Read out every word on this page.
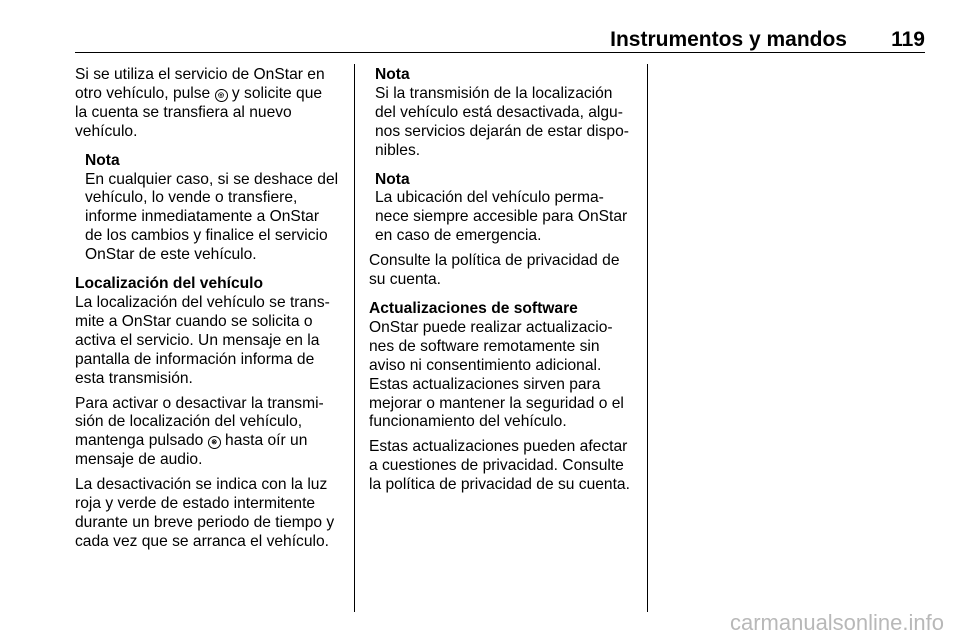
Instrumentos y mandos 119

Si se utiliza el servicio de OnStar en
otro vehículo, pulse ◎ y solicite que
la cuenta se transfiera al nuevo
vehículo.

Nota
En cualquier caso, si se deshace del
vehículo, lo vende o transfiere,
informe inmediatamente a OnStar
de los cambios y finalice el servicio
OnStar de este vehículo.

Localización del vehículo

La localización del vehículo se trans-
mite a OnStar cuando se solicita o
activa el servicio. Un mensaje en la
pantalla de información informa de
esta transmisión.

Para activar o desactivar la transmi-
sión de localización del vehículo,
mantenga pulsado ⊗ hasta oír un
mensaje de audio.

La desactivación se indica con la luz
roja y verde de estado intermitente
durante un breve periodo de tiempo y
cada vez que se arranca el vehículo.

Nota
Si la transmisión de la localización
del vehículo está desactivada, algu-
nos servicios dejarán de estar dispo-
nibles.
Nota
La ubicación del vehículo perma-
nece siempre accesible para OnStar
en caso de emergencia.

Consulte la política de privacidad de
su cuenta.

Actualizaciones de software

OnStar puede realizar actualizacio-
nes de software remotamente sin
aviso ni consentimiento adicional.
Estas actualizaciones sirven para
mejorar o mantener la seguridad o el
funcionamiento del vehículo.

Estas actualizaciones pueden afectar
a cuestiones de privacidad. Consulte
la política de privacidad de su cuenta.

carmanualsonline.info
